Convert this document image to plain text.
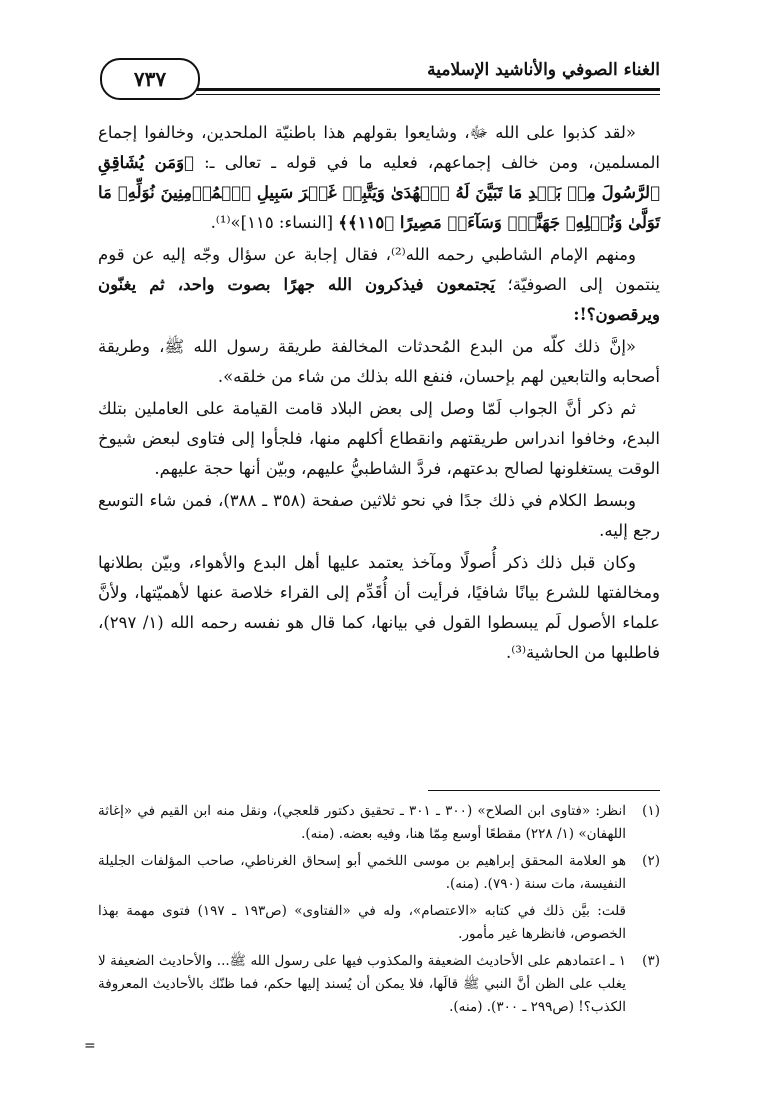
الغناء الصوفي والأناشيد الإسلامية
٧٣٧

«لقد كذبوا على الله ﷻ، وشايعوا بقولهم هذا باطنيّة الملحدين، وخالفوا إجماع المسلمين، ومن خالف إجماعهم، فعليه ما في قوله ـ تعالى ـ: ﴿وَمَن يُشَاقِقِ ٱلرَّسُولَ مِنۢ بَعۡدِ مَا تَبَيَّنَ لَهُ ٱلۡهُدَىٰ وَيَتَّبِعۡ غَيۡرَ سَبِيلِ ٱلۡمُؤۡمِنِينَ نُوَلِّهِۦ مَا تَوَلَّىٰ وَنُصۡلِهِۦ جَهَنَّمَۖ وَسَآءَتۡ مَصِيرًا ﴿١١٥﴾﴾ [النساء: ١١٥]»⁽¹⁾.

ومنهم الإمام الشاطبي رحمه الله⁽²⁾، فقال إجابة عن سؤال وجّه إليه عن قوم ينتمون إلى الصوفيّة؛ يَجتمعون فيذكرون الله جهرًا بصوت واحد، ثم يغنّون ويرقصون؟!:

«إنَّ ذلك كلّه من البدع المُحدثات المخالفة طريقة رسول الله ﷺ، وطريقة أصحابه والتابعين لهم بإحسان، فنفع الله بذلك من شاء من خلقه».

ثم ذكر أنَّ الجواب لَمّا وصل إلى بعض البلاد قامت القيامة على العاملين بتلك البدع، وخافوا اندراس طريقتهم وانقطاع أكلهم منها، فلجأوا إلى فتاوى لبعض شيوخ الوقت يستغلونها لصالح بدعتهم، فردَّ الشاطبيُّ عليهم، وبيّن أنها حجة عليهم.

وبسط الكلام في ذلك جدًا في نحو ثلاثين صفحة (٣٥٨ ـ ٣٨٨)، فمن شاء التوسع رجع إليه.

وكان قبل ذلك ذكر أُصولًا ومآخذ يعتمد عليها أهل البدع والأهواء، وبيّن بطلانها ومخالفتها للشرع بيانًا شافيًا، فرأيت أن أُقَدِّم إلى القراء خلاصة عنها لأهميّتها، ولأنَّ علماء الأصول لَم يبسطوا القول في بيانها، كما قال هو نفسه رحمه الله (١/ ٢٩٧)، فاطلبها من الحاشية⁽³⁾.

(١)
انظر: «فتاوى ابن الصلاح» (٣٠٠ ـ ٣٠١ ـ تحقيق دكتور قلعجي)، ونقل منه ابن القيم في «إغاثة اللهفان» (١/ ٢٢٨) مقطعًا أوسع مِمّا هنا، وفيه بعضه. (منه).
(٢)
هو العلامة المحقق إبراهيم بن موسى اللخمي أبو إسحاق الغرناطي، صاحب المؤلفات الجليلة النفيسة، مات سنة (٧٩٠). (منه).
قلت: بيَّن ذلك في كتابه «الاعتصام»، وله في «الفتاوى» (ص١٩٣ ـ ١٩٧) فتوى مهمة بهذا الخصوص، فانظرها غير مأمور.
(٣)
١ ـ اعتمادهم على الأحاديث الضعيفة والمكذوب فيها على رسول الله ﷺ... والأحاديث الضعيفة لا يغلب على الظن أنَّ النبي ﷺ قالَها، فلا يمكن أن يُسند إليها حكم، فما ظنّك بالأحاديث المعروفة الكذب؟! (ص٢٩٩ ـ ٣٠٠). (منه).
=
